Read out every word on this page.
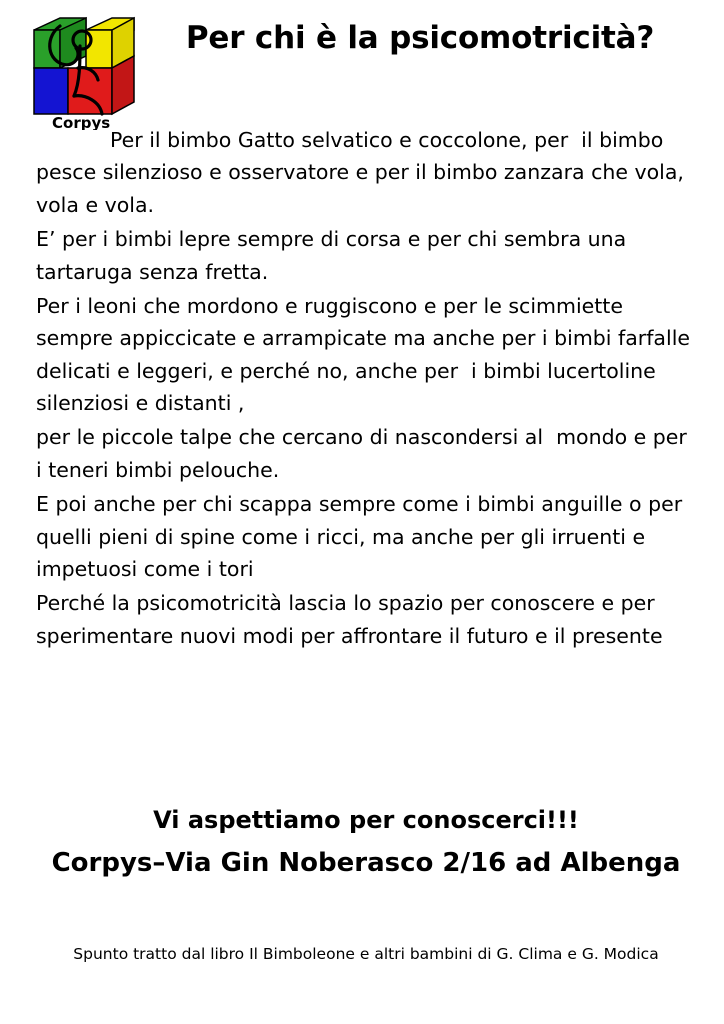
Corpys
Per chi è la psicomotricità?

Per il bimbo Gatto selvatico e coccolone, per  il bimbo pesce silenzioso e osservatore e per il bimbo zanzara che vola, vola e vola.

E’ per i bimbi lepre sempre di corsa e per chi sembra una tartaruga senza fretta.

Per i leoni che mordono e ruggiscono e per le scimmiette  sempre appiccicate e arrampicate ma anche per i bimbi farfalle delicati e leggeri, e perché no, anche per  i bimbi lucertoline  silenziosi e distanti ,

per le piccole talpe che cercano di nascondersi al  mondo e per i teneri bimbi pelouche.

E poi anche per chi scappa sempre come i bimbi anguille o per quelli pieni di spine come i ricci, ma anche per gli irruenti e impetuosi come i tori

Perché la psicomotricità lascia lo spazio per conoscere e per sperimentare nuovi modi per affrontare il futuro e il presente

Vi aspettiamo per conoscerci!!!
Corpys–Via Gin Noberasco 2/16 ad Albenga
Spunto tratto dal libro Il Bimboleone e altri bambini di G. Clima e G. Modica
